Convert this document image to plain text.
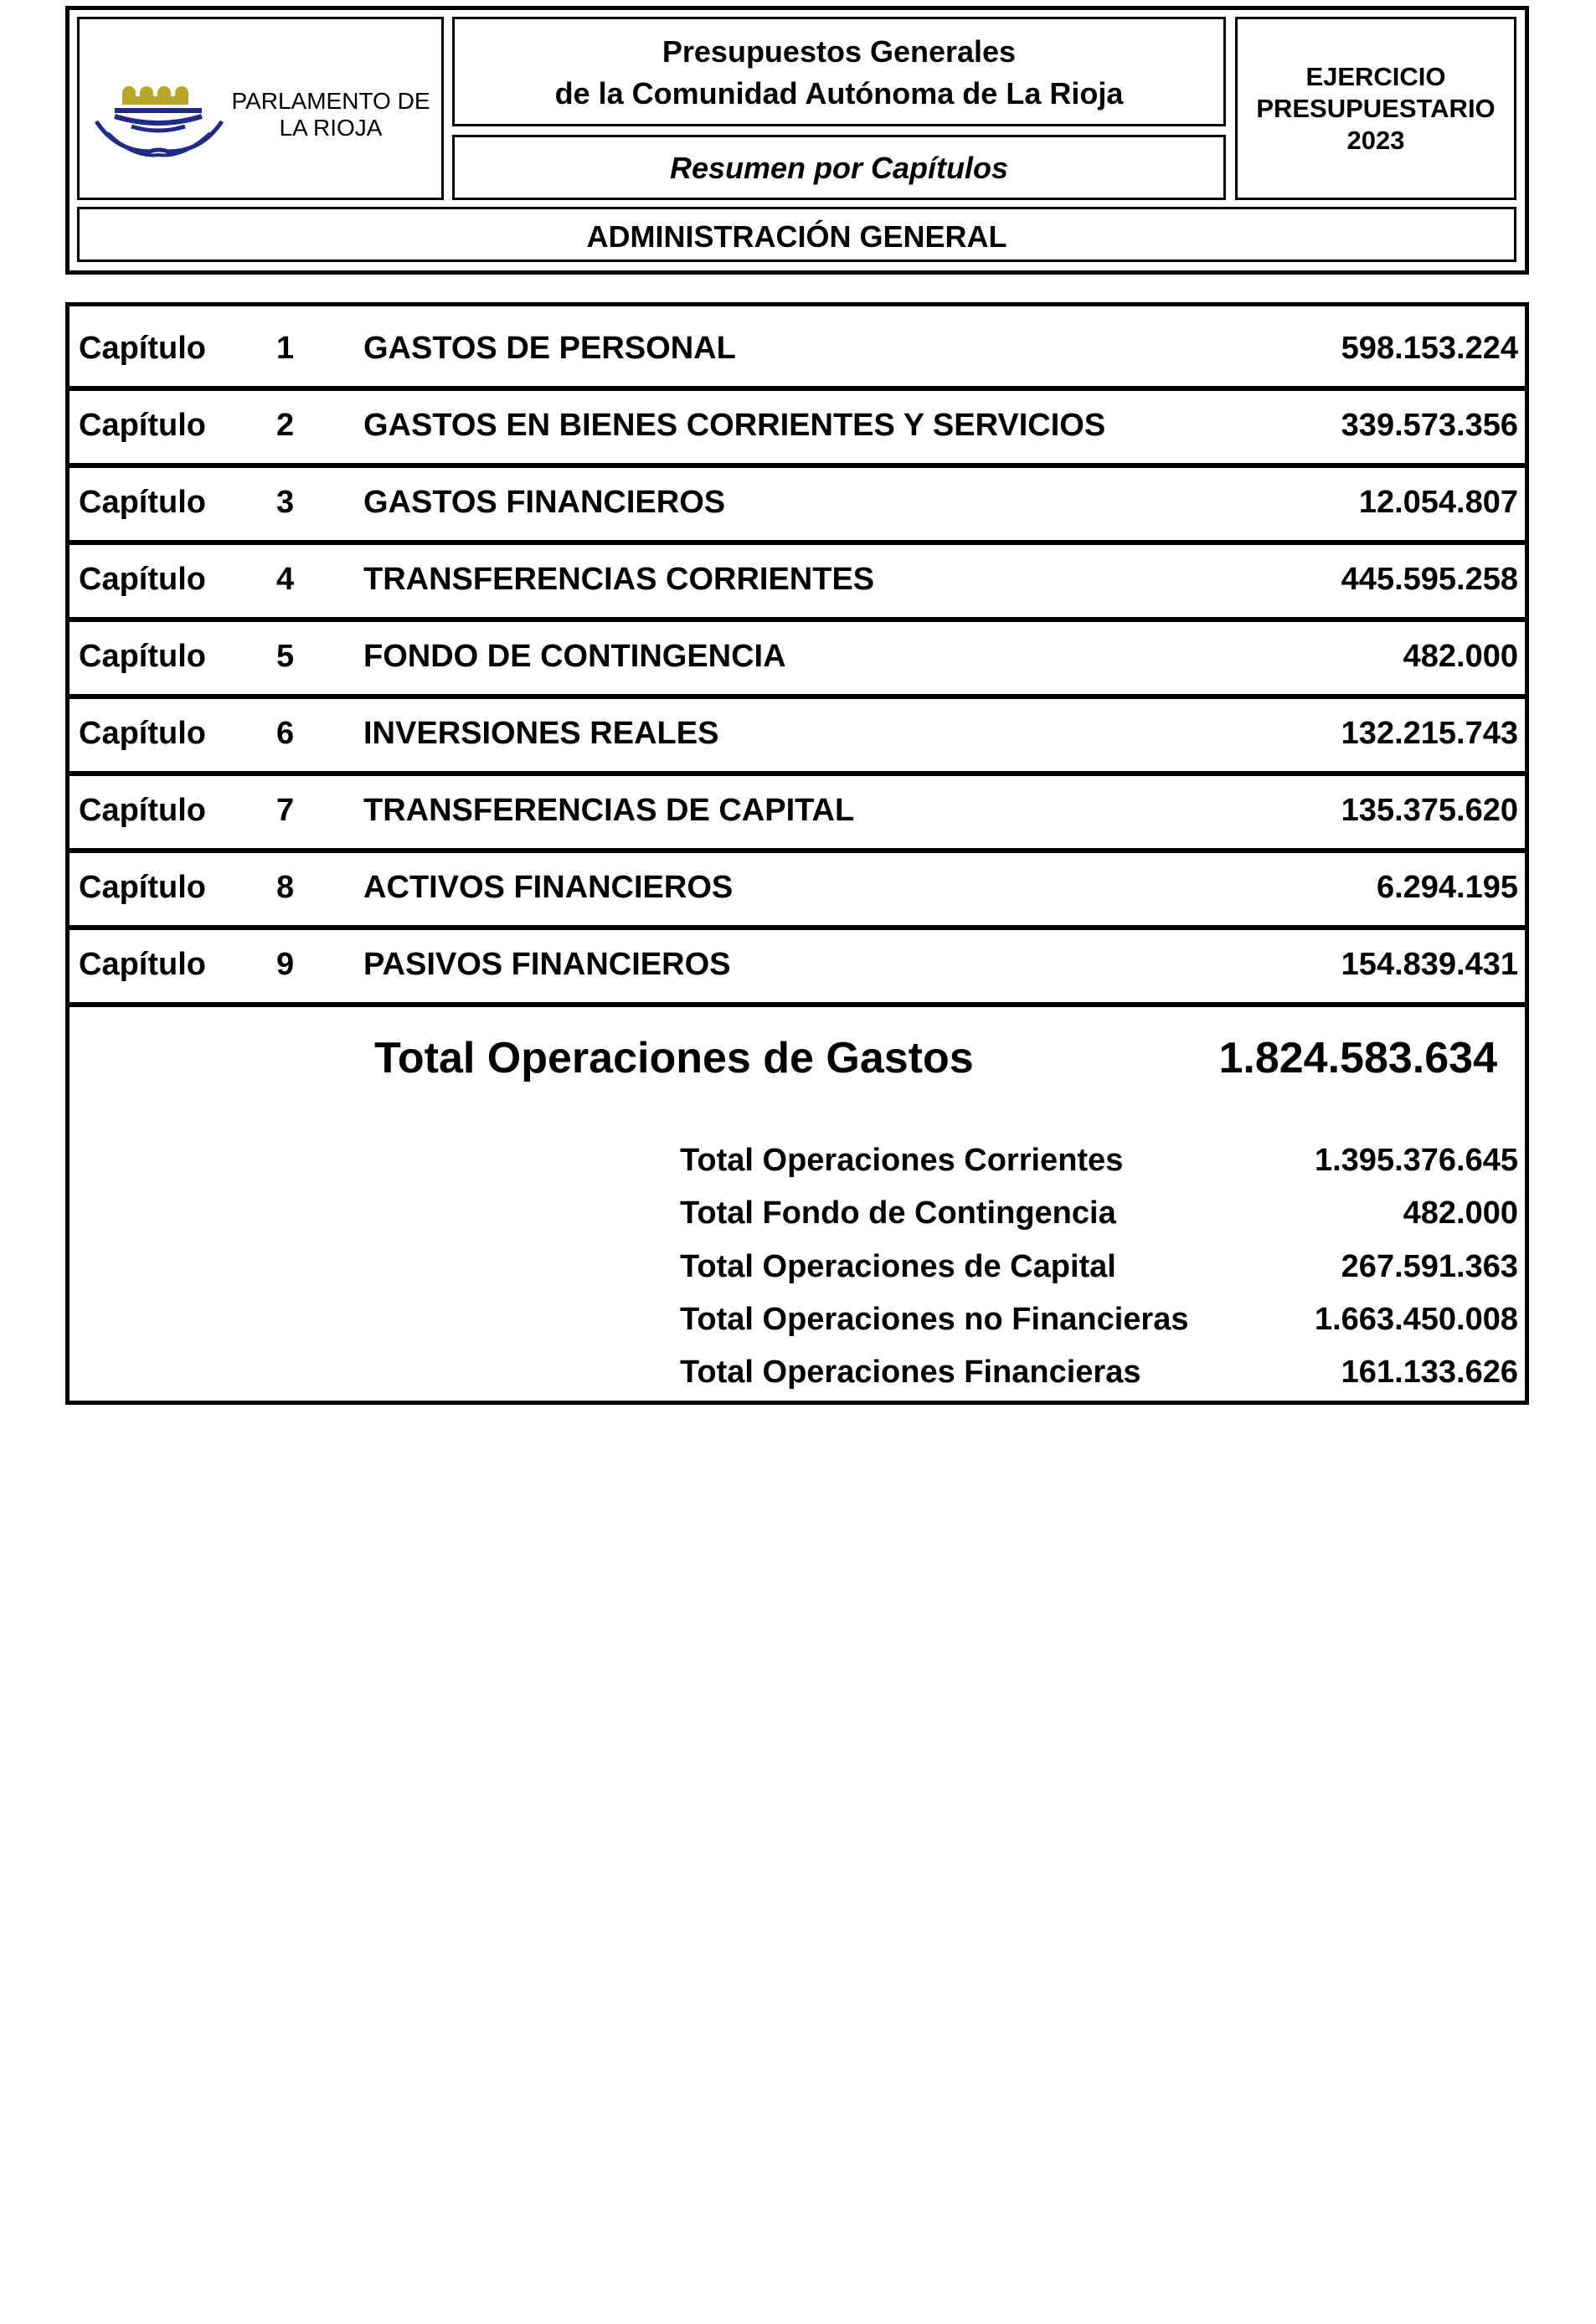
PARLAMENTO DE
LA RIOJA
Presupuestos Generales
de la Comunidad Autónoma de La Rioja
Resumen por Capítulos
EJERCICIO
PRESUPUESTARIO
2023
ADMINISTRACIÓN GENERAL
Capítulo 1 GASTOS DE PERSONAL	598.153.224
Capítulo 2 GASTOS EN BIENES CORRIENTES Y SERVICIOS	339.573.356
Capítulo 3 GASTOS FINANCIEROS	12.054.807
Capítulo 4 TRANSFERENCIAS CORRIENTES	445.595.258
Capítulo 5 FONDO DE CONTINGENCIA	482.000
Capítulo 6 INVERSIONES REALES	132.215.743
Capítulo 7 TRANSFERENCIAS DE CAPITAL	135.375.620
Capítulo 8 ACTIVOS FINANCIEROS	6.294.195
Capítulo 9 PASIVOS FINANCIEROS	154.839.431
Total Operaciones de Gastos	1.824.583.634
Total Operaciones Corrientes	1.395.376.645
Total Fondo de Contingencia	482.000
Total Operaciones de Capital	267.591.363
Total Operaciones no Financieras	1.663.450.008
Total Operaciones Financieras	161.133.626
